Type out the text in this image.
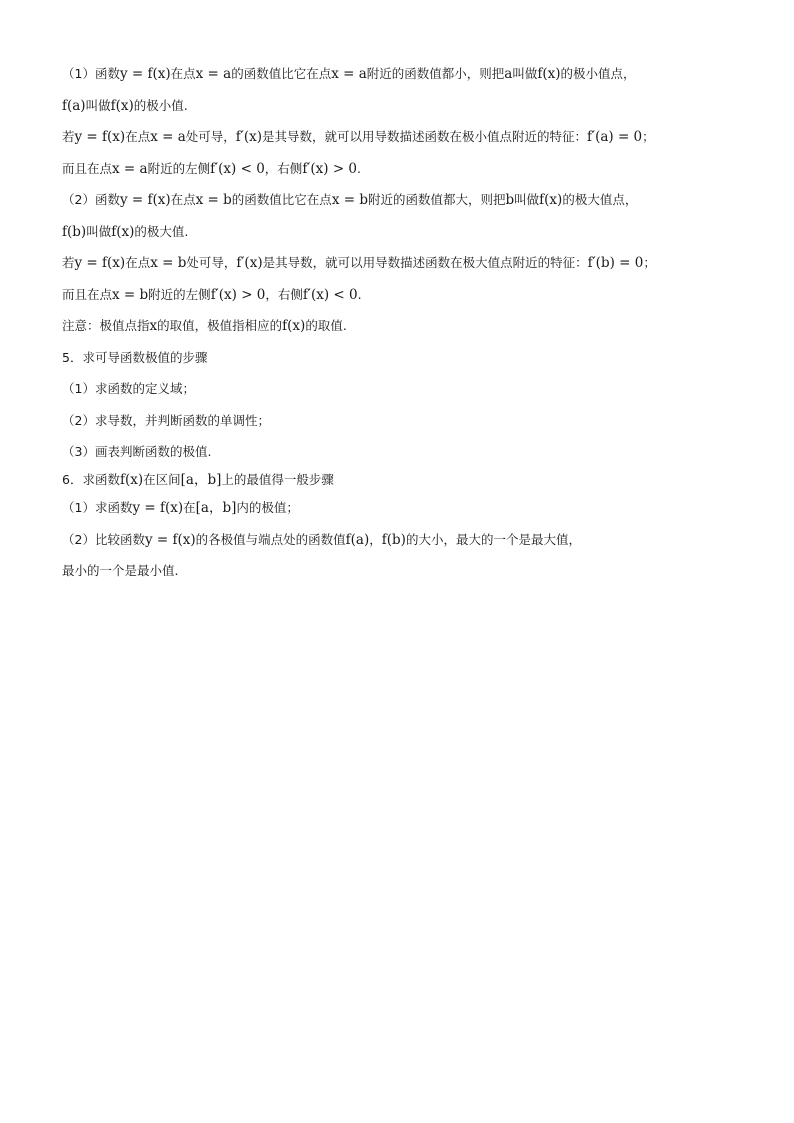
（1）函数y = f(x)在点x = a的函数值比它在点x = a附近的函数值都小，则把a叫做f(x)的极小值点，

f(a)叫做f(x)的极小值.

若y = f(x)在点x = a处可导，f′(x)是其导数，就可以用导数描述函数在极小值点附近的特征：f′(a) = 0；

而且在点x = a附近的左侧f′(x) < 0，右侧f′(x) > 0.

（2）函数y = f(x)在点x = b的函数值比它在点x = b附近的函数值都大，则把b叫做f(x)的极大值点，

f(b)叫做f(x)的极大值.

若y = f(x)在点x = b处可导，f′(x)是其导数，就可以用导数描述函数在极大值点附近的特征：f′(b) = 0；

而且在点x = b附近的左侧f′(x) > 0，右侧f′(x) < 0.

注意：极值点指x的取值，极值指相应的f(x)的取值.

5．求可导函数极值的步骤

（1）求函数的定义域；

（2）求导数，并判断函数的单调性；

（3）画表判断函数的极值.

6．求函数f(x)在区间[a，b]上的最值得一般步骤

（1）求函数y = f(x)在[a，b]内的极值；

（2）比较函数y = f(x)的各极值与端点处的函数值f(a)，f(b)的大小，最大的一个是最大值，

最小的一个是最小值.
